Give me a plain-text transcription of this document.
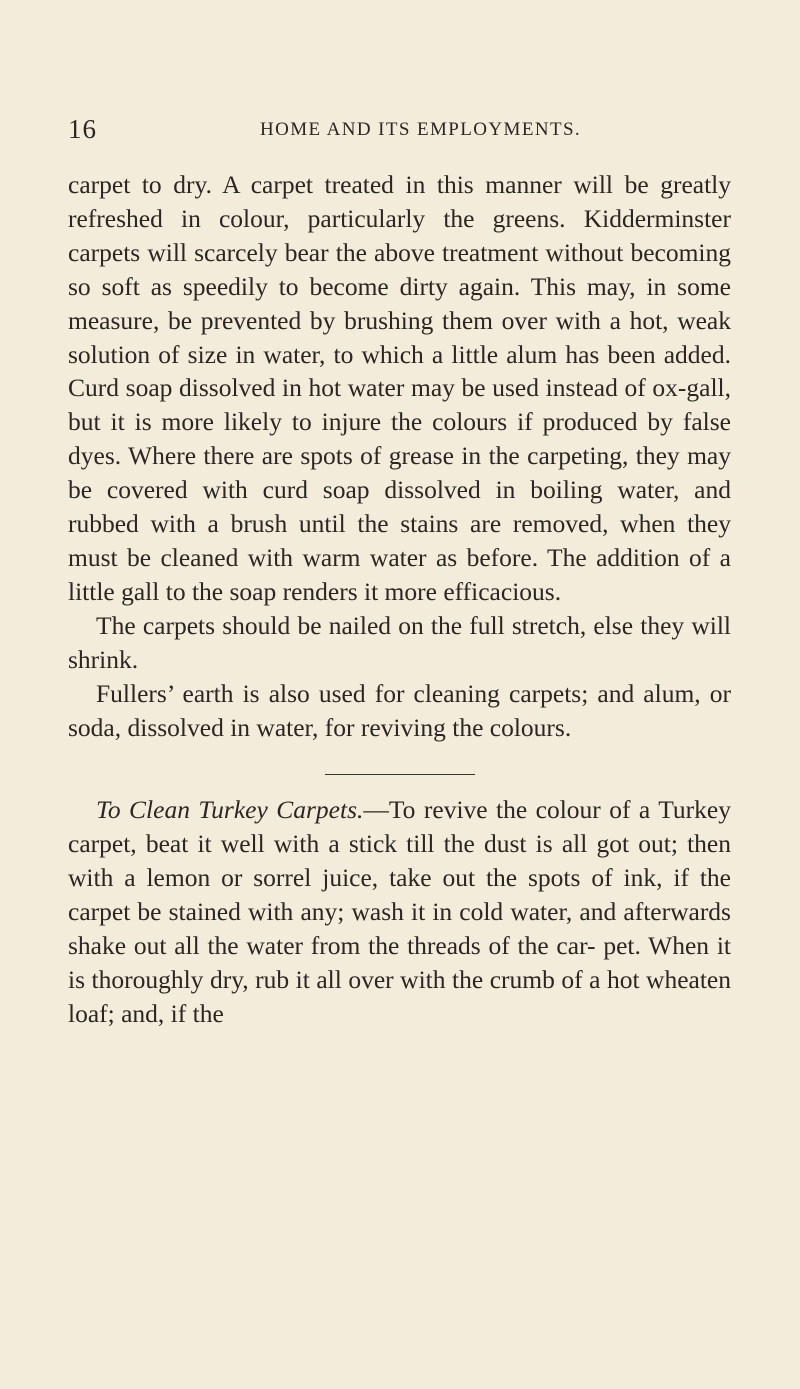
16	HOME AND ITS EMPLOYMENTS.

carpet to dry. A carpet treated in this manner will be greatly refreshed in colour, particularly the greens. Kidderminster carpets will scarcely bear the above treatment without becoming so soft as speedily to become dirty again. This may, in some measure, be prevented by brushing them over with a hot, weak solution of size in water, to which a little alum has been added. Curd soap dissolved in hot water may be used instead of ox-gall, but it is more likely to injure the colours if produced by false dyes. Where there are spots of grease in the carpeting, they may be covered with curd soap dissolved in boiling water, and rubbed with a brush until the stains are removed, when they must be cleaned with warm water as before. The addition of a little gall to the soap renders it more efficacious.

The carpets should be nailed on the full stretch, else they will shrink.

Fullers’ earth is also used for cleaning carpets; and alum, or soda, dissolved in water, for reviving the colours.

To Clean Turkey Carpets.—To revive the colour of a Turkey carpet, beat it well with a stick till the dust is all got out; then with a lemon or sorrel juice, take out the spots of ink, if the carpet be stained with any; wash it in cold water, and afterwards shake out all the water from the threads of the car- pet. When it is thoroughly dry, rub it all over with the crumb of a hot wheaten loaf; and, if the
